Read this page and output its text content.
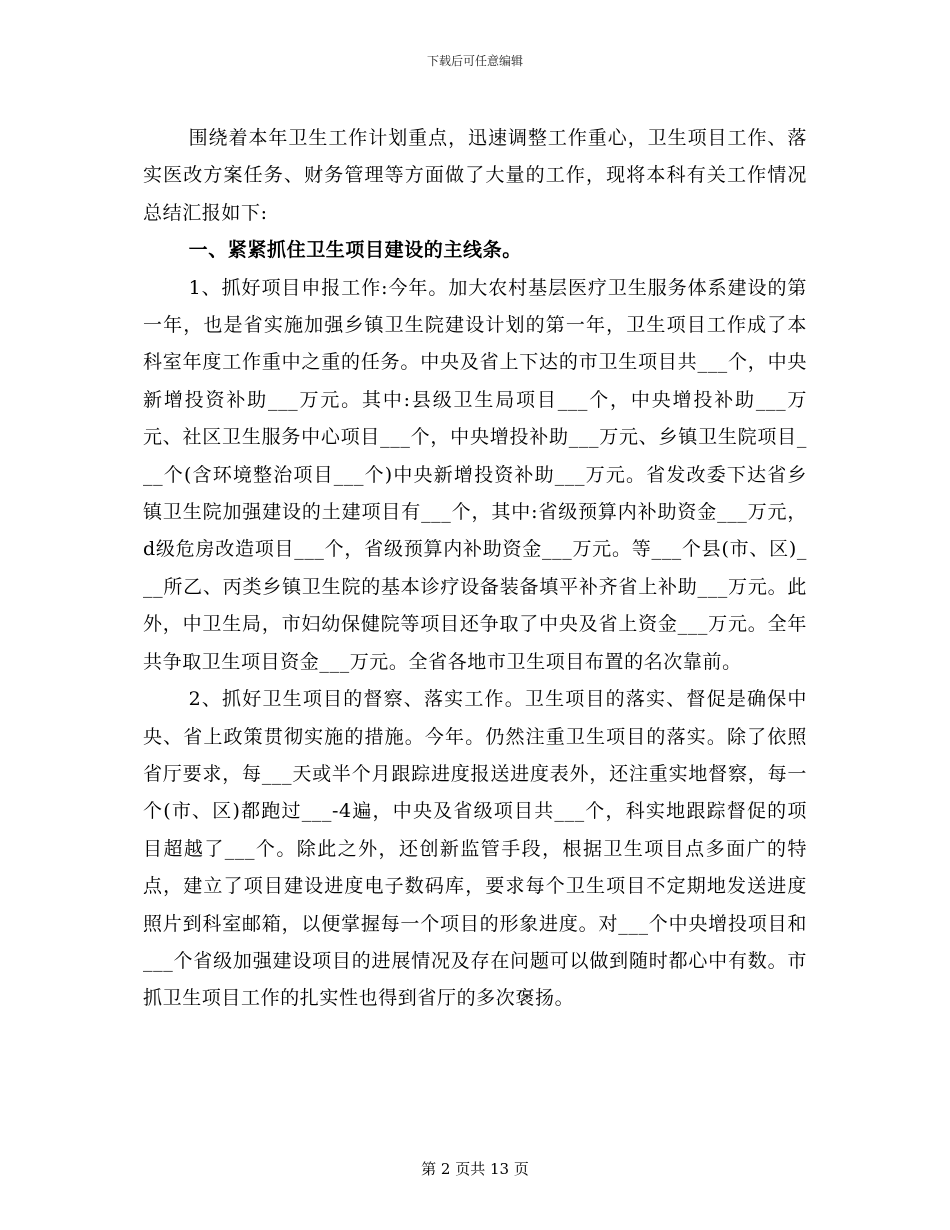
下载后可任意编辑

围绕着本年卫生工作计划重点，迅速调整工作重心，卫生项目工作、落实医改方案任务、财务管理等方面做了大量的工作，现将本科有关工作情况总结汇报如下:

一、紧紧抓住卫生项目建设的主线条。

1、抓好项目申报工作:今年。加大农村基层医疗卫生服务体系建设的第一年，也是省实施加强乡镇卫生院建设计划的第一年，卫生项目工作成了本科室年度工作重中之重的任务。中央及省上下达的市卫生项目共___个，中央新增投资补助___万元。其中:县级卫生局项目___个，中央增投补助___万元、社区卫生服务中心项目___个，中央增投补助___万元、乡镇卫生院项目___个(含环境整治项目___个)中央新增投资补助___万元。省发改委下达省乡镇卫生院加强建设的土建项目有___个，其中:省级预算内补助资金___万元，d级危房改造项目___个，省级预算内补助资金___万元。等___个县(市、区)___所乙、丙类乡镇卫生院的基本诊疗设备装备填平补齐省上补助___万元。此外，中卫生局，市妇幼保健院等项目还争取了中央及省上资金___万元。全年共争取卫生项目资金___万元。全省各地市卫生项目布置的名次靠前。

2、抓好卫生项目的督察、落实工作。卫生项目的落实、督促是确保中央、省上政策贯彻实施的措施。今年。仍然注重卫生项目的落实。除了依照省厅要求，每___天或半个月跟踪进度报送进度表外，还注重实地督察，每一个(市、区)都跑过___-4遍，中央及省级项目共___个，科实地跟踪督促的项目超越了___个。除此之外，还创新监管手段，根据卫生项目点多面广的特点，建立了项目建设进度电子数码库，要求每个卫生项目不定期地发送进度照片到科室邮箱，以便掌握每一个项目的形象进度。对___个中央增投项目和___个省级加强建设项目的进展情况及存在问题可以做到随时都心中有数。市抓卫生项目工作的扎实性也得到省厅的多次褒扬。

第 2 页共 13 页
